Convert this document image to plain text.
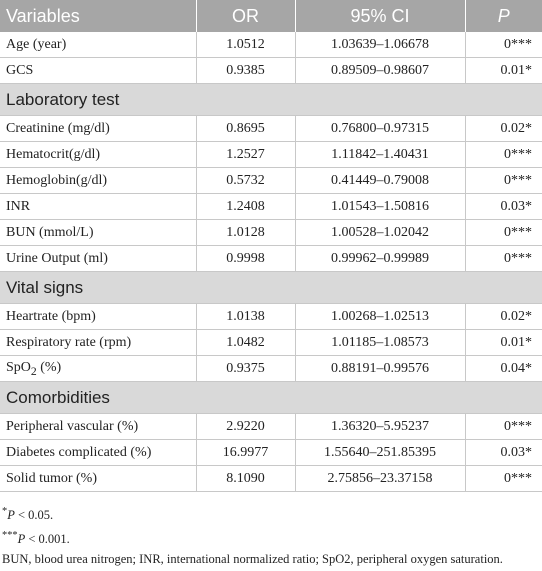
Variables	OR	95% CI	P
Age (year)	1.0512	1.03639–1.06678	0***
GCS	0.9385	0.89509–0.98607	0.01*
Laboratory test			
Creatinine (mg/dl)	0.8695	0.76800–0.97315	0.02*
Hematocrit(g/dl)	1.2527	1.11842–1.40431	0***
Hemoglobin(g/dl)	0.5732	0.41449–0.79008	0***
INR	1.2408	1.01543–1.50816	0.03*
BUN (mmol/L)	1.0128	1.00528–1.02042	0***
Urine Output (ml)	0.9998	0.99962–0.99989	0***
Vital signs			
Heartrate (bpm)	1.0138	1.00268–1.02513	0.02*
Respiratory rate (rpm)	1.0482	1.01185–1.08573	0.01*
SpO$_2$ (%)	0.9375	0.88191–0.99576	0.04*
Comorbidities			
Peripheral vascular (%)	2.9220	1.36320–5.95237	0***
Diabetes complicated (%)	16.9977	1.55640–251.85395	0.03*
Solid tumor (%)	8.1090	2.75856–23.37158	0***
*P < 0.05.
***P < 0.001.
BUN, blood urea nitrogen; INR, international normalized ratio; SpO2, peripheral oxygen saturation.
